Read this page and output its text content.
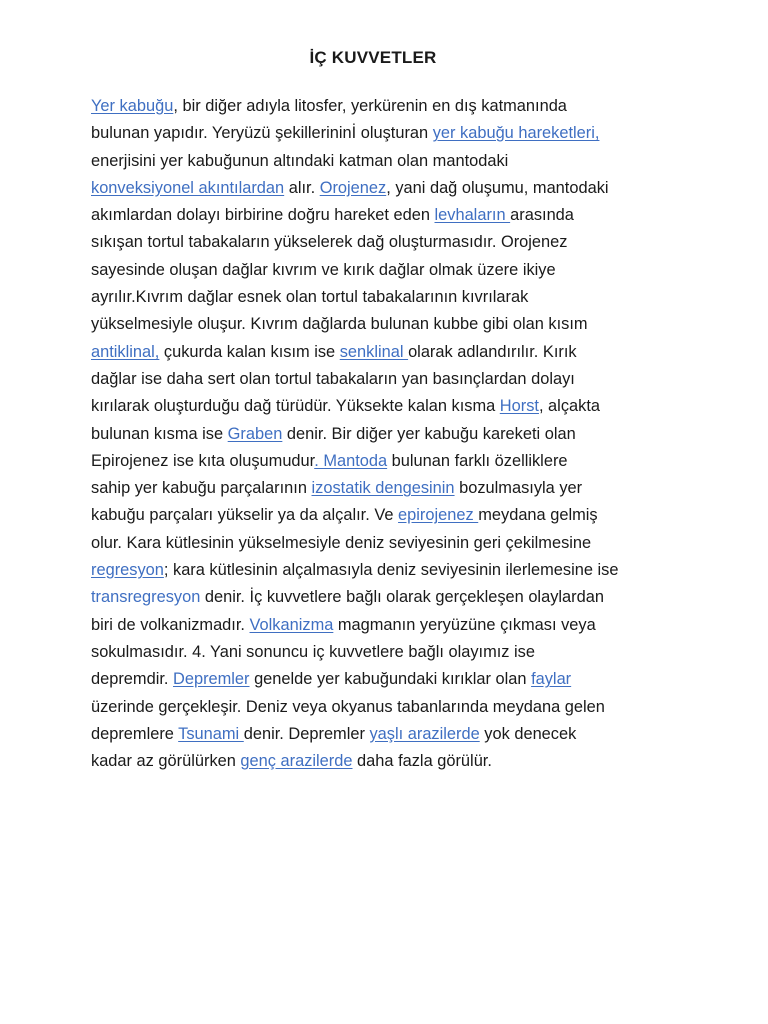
İÇ KUVVETLER

Yer kabuğu, bir diğer adıyla litosfer, yerkürenin en dış katmanında
bulunan yapıdır. Yeryüzü şekillerininİ oluşturan yer kabuğu hareketleri,
enerjisini yer kabuğunun altındaki katman olan mantodaki
konveksiyonel akıntılardan alır. Orojenez, yani dağ oluşumu, mantodaki
akımlardan dolayı birbirine doğru hareket eden levhaların arasında
sıkışan tortul tabakaların yükselerek dağ oluşturmasıdır. Orojenez
sayesinde oluşan dağlar kıvrım ve kırık dağlar olmak üzere ikiye
ayrılır.Kıvrım dağlar esnek olan tortul tabakalarının kıvrılarak
yükselmesiyle oluşur. Kıvrım dağlarda bulunan kubbe gibi olan kısım
antiklinal, çukurda kalan kısım ise senklinal olarak adlandırılır. Kırık
dağlar ise daha sert olan tortul tabakaların yan basınçlardan dolayı
kırılarak oluşturduğu dağ türüdür. Yüksekte kalan kısma Horst, alçakta
bulunan kısma ise Graben denir. Bir diğer yer kabuğu kareketi olan
Epirojenez ise kıta oluşumudur. Mantoda bulunan farklı özelliklere
sahip yer kabuğu parçalarının izostatik dengesinin bozulmasıyla yer
kabuğu parçaları yükselir ya da alçalır. Ve epirojenez meydana gelmiş
olur. Kara kütlesinin yükselmesiyle deniz seviyesinin geri çekilmesine
regresyon; kara kütlesinin alçalmasıyla deniz seviyesinin ilerlemesine ise
transregresyon denir. İç kuvvetlere bağlı olarak gerçekleşen olaylardan
biri de volkanizmadır. Volkanizma magmanın yeryüzüne çıkması veya
sokulmasıdır. 4. Yani sonuncu iç kuvvetlere bağlı olayımız ise
depremdir. Depremler genelde yer kabuğundaki kırıklar olan faylar
üzerinde gerçekleşir. Deniz veya okyanus tabanlarında meydana gelen
depremlere Tsunami denir. Depremler yaşlı arazilerde yok denecek
kadar az görülürken genç arazilerde daha fazla görülür.
